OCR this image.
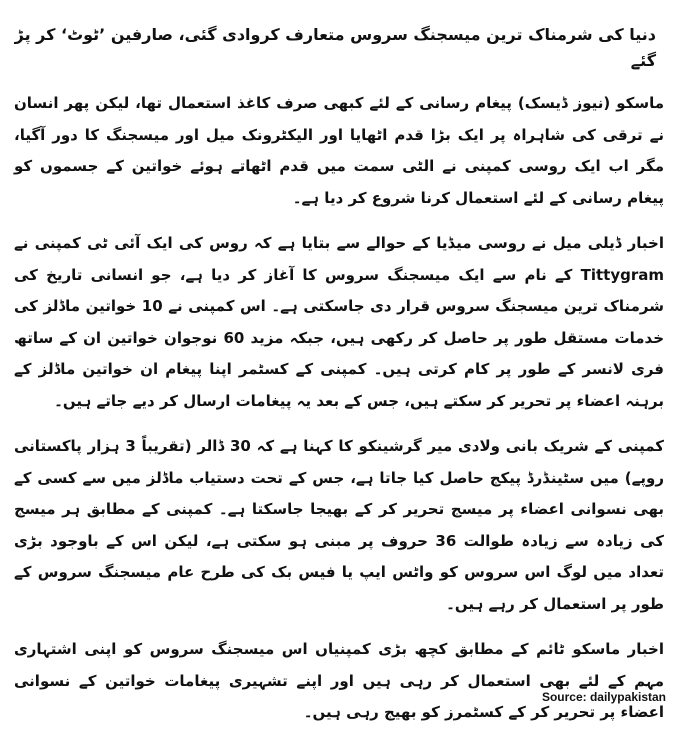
دنیا کی شرمناک ترین میسجنگ سروس متعارف کروادی گئی، صارفین ’ٹوٹ‘ کر پڑ گئے

ماسکو (نیوز ڈیسک) پیغام رسانی کے لئے کبھی صرف کاغذ استعمال تھا، لیکن پھر انسان نے ترقی کی شاہراہ پر ایک بڑا قدم اٹھایا اور الیکٹرونک میل اور میسجنگ کا دور آگیا، مگر اب ایک روسی کمپنی نے الٹی سمت میں قدم اٹھاتے ہوئے خواتین کے جسموں کو پیغام رسانی کے لئے استعمال کرنا شروع کر دیا ہے۔

اخبار ڈیلی میل نے روسی میڈیا کے حوالے سے بتایا ہے کہ روس کی ایک آئی ٹی کمپنی نے Tittygram کے نام سے ایک میسجنگ سروس کا آغاز کر دیا ہے، جو انسانی تاریخ کی شرمناک ترین میسجنگ سروس قرار دی جاسکتی ہے۔ اس کمپنی نے 10 خواتین ماڈلز کی خدمات مستقل طور پر حاصل کر رکھی ہیں، جبکہ مزید 60 نوجوان خواتین ان کے ساتھ فری لانسر کے طور پر کام کرتی ہیں۔ کمپنی کے کسٹمر اپنا پیغام ان خواتین ماڈلز کے برہنہ اعضاء پر تحریر کر سکتے ہیں، جس کے بعد یہ پیغامات ارسال کر دیے جاتے ہیں۔

کمپنی کے شریک بانی ولادی میر گرشینکو کا کہنا ہے کہ 30 ڈالر (تقریباً 3 ہزار پاکستانی روپے) میں سٹینڈرڈ پیکج حاصل کیا جاتا ہے، جس کے تحت دستیاب ماڈلز میں سے کسی کے بھی نسوانی اعضاء پر میسج تحریر کر کے بھیجا جاسکتا ہے۔ کمپنی کے مطابق ہر میسج کی زیادہ سے زیادہ طوالت 36 حروف پر مبنی ہو سکتی ہے، لیکن اس کے باوجود بڑی تعداد میں لوگ اس سروس کو واٹس ایپ یا فیس بک کی طرح عام میسجنگ سروس کے طور پر استعمال کر رہے ہیں۔

اخبار ماسکو ٹائم کے مطابق کچھ بڑی کمپنیاں اس میسجنگ سروس کو اپنی اشتہاری مہم کے لئے بھی استعمال کر رہی ہیں اور اپنے تشہیری پیغامات خواتین کے نسوانی اعضاء پر تحریر کر کے کسٹمرز کو بھیج رہی ہیں۔

Source: dailypakistan
